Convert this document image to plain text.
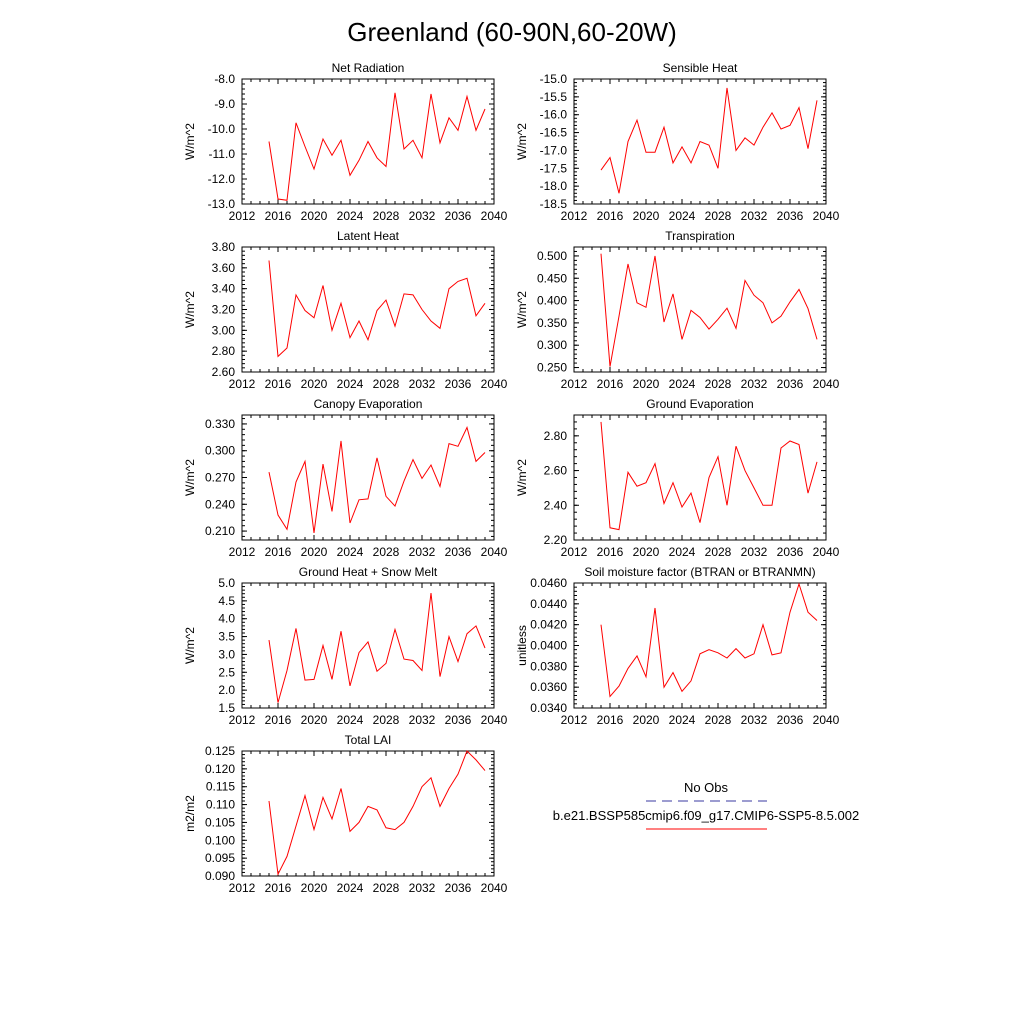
Greenland (60-90N,60-20W)
Net Radiation
2012 2016 2020 2024 2028 2032 2036 2040
-13.0
-12.0
-11.0
-10.0
-9.0
-8.0
W/m^2
Sensible Heat
2012 2016 2020 2024 2028 2032 2036 2040
-18.5
-18.0
-17.5
-17.0
-16.5
-16.0
-15.5
-15.0
W/m^2
Latent Heat
2012 2016 2020 2024 2028 2032 2036 2040
2.60
2.80
3.00
3.20
3.40
3.60
3.80
W/m^2
Transpiration
2012 2016 2020 2024 2028 2032 2036 2040
0.250
0.300
0.350
0.400
0.450
0.500
W/m^2
Canopy Evaporation
2012 2016 2020 2024 2028 2032 2036 2040
0.210
0.240
0.270
0.300
0.330
W/m^2
Ground Evaporation
2012 2016 2020 2024 2028 2032 2036 2040
2.20
2.40
2.60
2.80
W/m^2
Ground Heat + Snow Melt
2012 2016 2020 2024 2028 2032 2036 2040
1.5
2.0
2.5
3.0
3.5
4.0
4.5
5.0
W/m^2
Soil moisture factor (BTRAN or BTRANMN)
2012 2016 2020 2024 2028 2032 2036 2040
0.0340
0.0360
0.0380
0.0400
0.0420
0.0440
0.0460
unitless
Total LAI
2012 2016 2020 2024 2028 2032 2036 2040
0.090
0.095
0.100
0.105
0.110
0.115
0.120
0.125
m2/m2
No Obs
b.e21.BSSP585cmip6.f09_g17.CMIP6-SSP5-8.5.002
